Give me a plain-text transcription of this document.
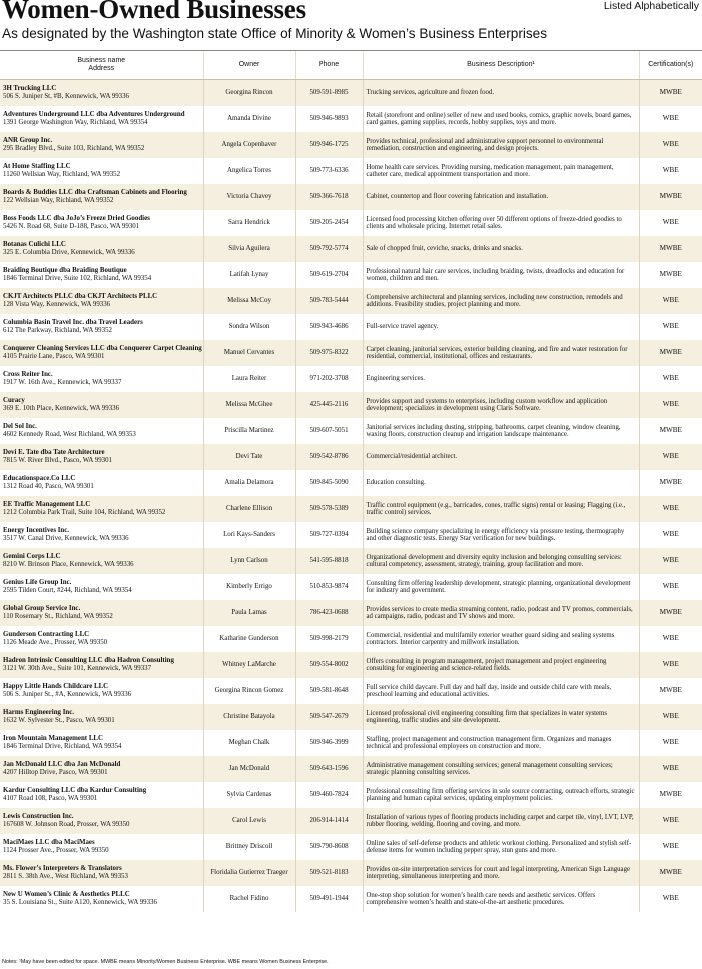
Women-Owned Businesses	Listed Alphabetically
As designated by the Washington state Office of Minority & Women’s Business Enterprises
Business name
Address	Owner	Phone	Business Description¹	Certification(s)

3H Trucking LLC
506 S. Juniper St, #B, Kennewick, WA 99336	Georgina Rincon	509-591-8985	Trucking services, agriculture and frozen food.	MWBE

Adventures Underground LLC dba Adventures Underground
1391 George Washington Way, Richland, WA 99354	Amanda Divine	509-946-9893	Retail (storefront and online) seller of new and used books, comics, graphic novels, board games, card games, gaming supplies, records, hobby supplies, toys and more.	WBE

ANR Group Inc.
295 Bradley Blvd., Suite 103, Richland, WA 99352	Angela Copenhaver	509-946-1725	Provides technical, professional and administrative support personnel to environmental remediation, construction and engineering, and design projects.	WBE

At Home Staffing LLC
11260 Wellsian Way, Richland, WA 99352	Angelica Torres	509-773-6336	Home health care services. Providing nursing, medication management, pain management, catheter care, medical appointment transportation and more.	WBE

Boards & Buddies LLC dba Craftsman Cabinets and Flooring
122 Wellsian Way, Richland, WA 99352	Victoria Chavey	509-366-7618	Cabinet, countertop and floor covering fabrication and installation.	MWBE

Boss Foods LLC dba JoJo’s Freeze Dried Goodies
5426 N. Road 68, Suite D-188, Pasco, WA 99301	Sarra Hendrick	509-205-2454	Licensed food processing kitchen offering over 50 different options of freeze-dried goodies to clients and wholesale pricing. Internet retail sales.	WBE

Botanas Culichi LLC
325 E. Columbia Drive, Kennewick, WA 99336	Silvia Aguilera	509-792-5774	Sale of chopped fruit, ceviche, snacks, drinks and snacks.	MWBE

Braiding Boutique dba Braiding Boutique
1846 Terminal Drive, Suite 102, Richland, WA 99354	Latifah Lynay	509-619-2704	Professional natural hair care services, including braiding, twists, dreadlocks and education for women, children and men.	MWBE

CKJT Architects PLLC dba CKJT Architects PLLC
128 Vista Way, Kennewick, WA 99336	Melissa McCoy	509-783-5444	Comprehensive architectural and planning services, including new construction, remodels and additions. Feasibility studies, project planning and more.	WBE

Columbia Basin Travel Inc. dba Travel Leaders
612 The Parkway, Richland, WA 99352	Sondra Wilson	509-943-4686	Full-service travel agency.	WBE

Conquerer Cleaning Services LLC dba Conquerer Carpet Cleaning
4105 Prairie Lane, Pasco, WA 99301	Manuel Cervantes	509-975-8322	Carpet cleaning, janitorial services, exterior building cleaning, and fire and water restoration for residential, commercial, institutional, offices and restaurants.	MWBE

Cross Reiter Inc.
1917 W. 16th Ave., Kennewick, WA 99337	Laura Reiter	971-202-3708	Engineering services.	WBE

Curacy
369 E. 10th Place, Kennewick, WA 99336	Melissa McGhee	425-445-2116	Provides support and systems to enterprises, including custom workflow and application development; specializes in development using Claris Software.	WBE

Del Sol Inc.
4602 Kennedy Road, West Richland, WA 99353	Priscilla Martinez	509-607-5051	Janitorial services including dusting, stripping, bathrooms, carpet cleaning, window cleaning, waxing floors, construction cleanup and irrigation landscape maintenance.	MWBE

Devi E. Tate dba Tate Architecture
7815 W. River Blvd., Pasco, WA 99301	Devi Tate	509-542-8786	Commercial/residential architect.	WBE

Educationspace.Co LLC
1312 Road 40, Pasco, WA 99301	Amalia Delamora	509-845-5090	Education consulting.	MWBE

EE Traffic Management LLC
1212 Columbia Park Trail, Suite 104, Richland, WA 99352	Charlene Ellison	509-578-5389	Traffic control equipment (e.g., barricades, cones, traffic signs) rental or leasing; Flagging (i.e., traffic control) services.	WBE

Energy Incentives Inc.
3517 W. Canal Drive, Kennewick, WA 99336	Lori Kays-Sanders	509-727-0394	Building science company specializing in energy efficiency via pressure testing, thermography and other diagnostic tests. Energy Star verification for new buildings.	WBE

Gemini Corps LLC
8210 W. Brinson Place, Kennewick, WA 99336	Lynn Carlson	541-595-8818	Organizational development and diversity equity inclusion and belonging consulting services: cultural competency, assessment, strategy, training, group facilitation and more.	WBE

Genius Life Group Inc.
2595 Tilden Court, #244, Richland, WA 99354	Kimberly Errigo	510-853-9874	Consulting firm offering leadership development, strategic planning, organizational development for industry and government.	WBE

Global Group Service Inc.
110 Rosemary St., Richland, WA 99352	Paula Lamas	786-423-0688	Provides services to create media streaming content, radio, podcast and TV promos, commercials, ad campaigns, radio, podcast and TV shows and more.	MWBE

Gunderson Contracting LLC
1126 Meade Ave., Prosser, WA 99350	Katharine Gunderson	509-998-2179	Commercial, residential and multifamily exterior weather guard siding and sealing systems contractors. Interior carpentry and millwork installation.	WBE

Hadron Intrinsic Consulting LLC dba Hadron Consulting
3121 W. 30th Ave., Suite 101, Kennewick, WA 99337	Whitney LaMarche	509-554-8002	Offers consulting in program management, project management and project engineering consulting for engineering and science-related fields.	WBE

Happy Little Hands Childcare LLC
506 S. Juniper St., #A, Kennewick, WA 99336	Georgina Rincon Gomez	509-581-8648	Full service child daycare. Full day and half day, inside and outside child care with meals, preschool learning and educational activities.	MWBE

Harms Engineering Inc.
1632 W. Sylvester St., Pasco, WA 99301	Christine Batayola	509-547-2679	Licensed professional civil engineering consulting firm that specializes in water systems engineering, traffic studies and site development.	WBE

Iron Mountain Management LLC
1846 Terminal Drive, Richland, WA 99354	Meghan Chalk	509-946-3999	Staffing, project management and construction management firm. Organizes and manages technical and professional employees on construction and more.	WBE

Jan McDonald LLC dba Jan McDonald
4207 Hilltop Drive, Pasco, WA 99301	Jan McDonald	509-643-1596	Administrative management consulting services; general management consulting services; strategic planning consulting services.	WBE

Kardur Consulting LLC dba Kardur Consulting
4107 Road 108, Pasco, WA 99301	Sylvia Cardenas	509-460-7824	Professional consulting firm offering services in sole source contracting, outreach efforts, strategic planning and human capital services, updating employment policies.	MWBE

Lewis Construction Inc.
167608 W. Johnson Road, Prosser, WA 99350	Carol Lewis	206-914-1414	Installation of various types of flooring products including carpet and carpet tile, vinyl, LVT, LVP, rubber flooring, welding, flooring and coving, and more.	WBE

MaciMaes LLC dba MaciMaes
1124 Prosser Ave., Prosser, WA 99350	Brittney Driscoll	509-790-8608	Online sales of self-defense products and athletic workout clothing. Personalized and stylish self-defense items for women including pepper spray, stun guns and more.	WBE

Ms. Flower’s Interpreters & Translators
2811 S. 38th Ave., West Richland, WA 99353	Floridalia Gutierrez Traeger	509-521-8183	Provides on-site interpretation services for court and legal interpreting, American Sign Language interpreting, simultaneous interpreting and more.	MWBE

New U Women’s Clinic & Aesthetics PLLC
35 S. Louisiana St., Suite A120, Kennewick, WA 99336	Rachel Fidino	509-491-1944	One-stop shop solution for women’s health care needs and aesthetic services. Offers comprehensive women’s health and state-of-the-art aesthetic procedures.	WBE
Notes: ¹May have been edited for space. MWBE means Minority/Women Business Enterprise. WBE means Women Business Enterprise.
